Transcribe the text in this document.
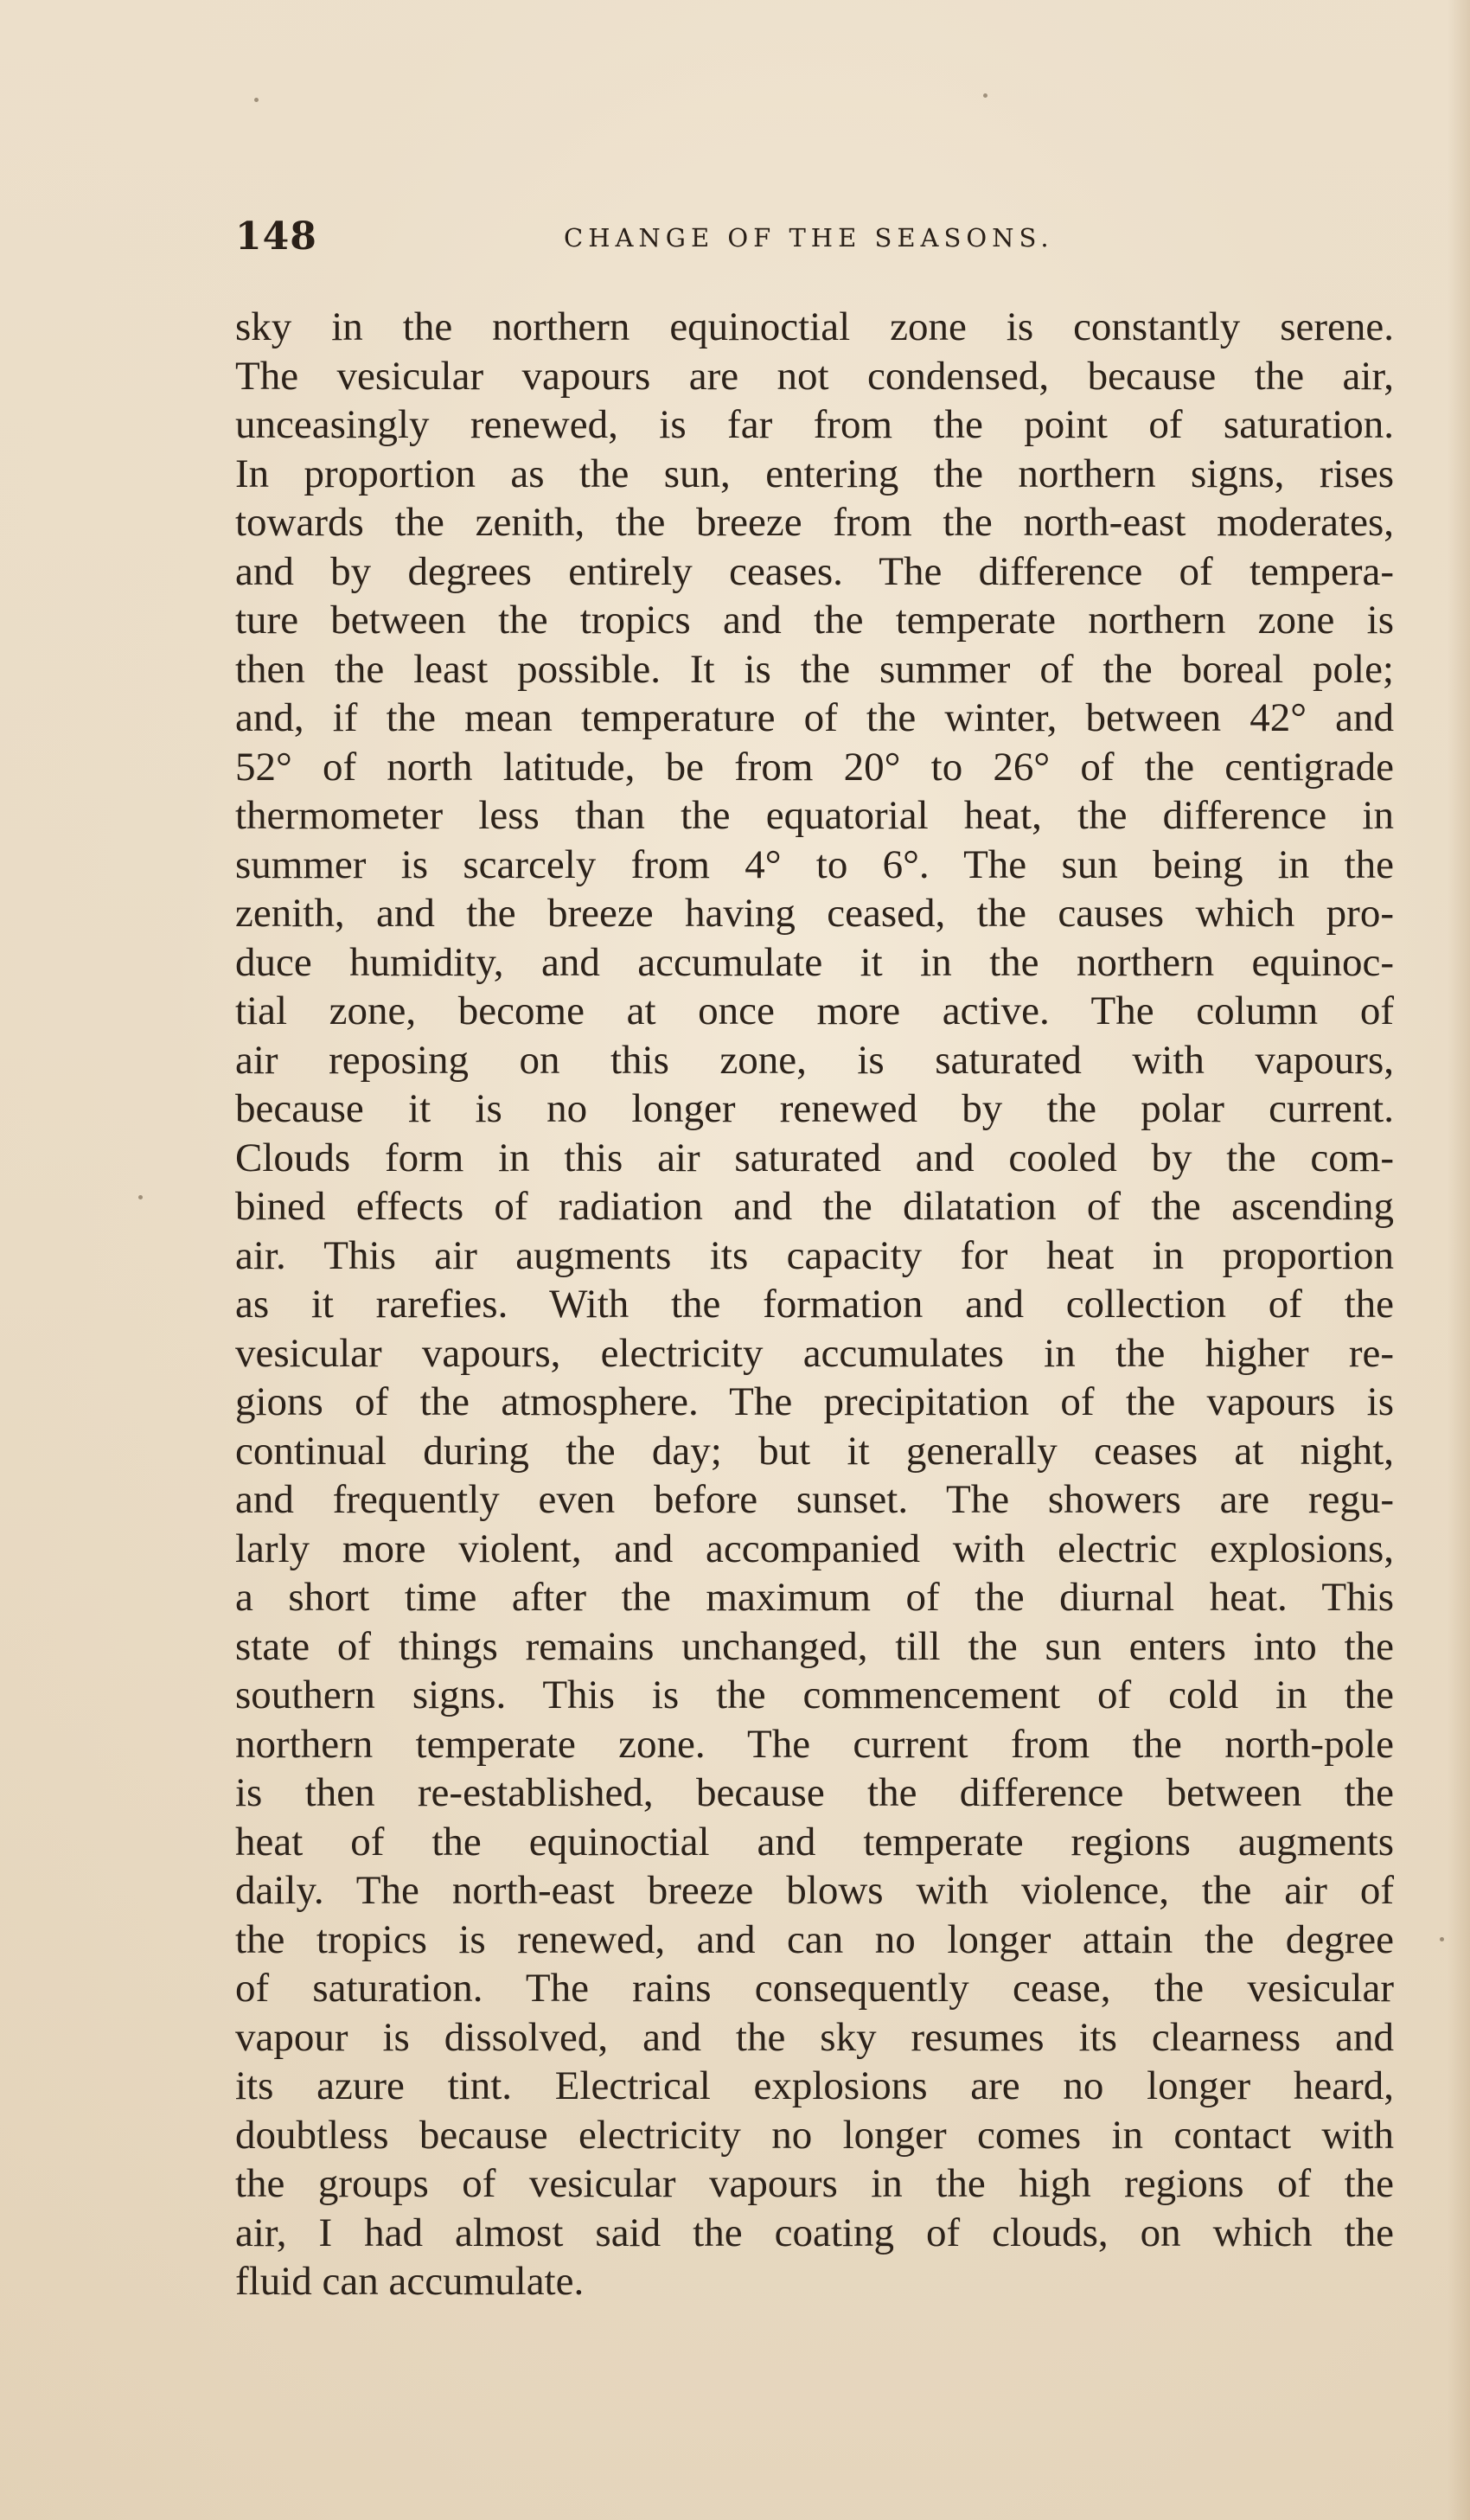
148	CHANGE OF THE SEASONS.
sky in the northern equinoctial zone is constantly serene.
The vesicular vapours are not condensed, because the air,
unceasingly renewed, is far from the point of saturation.
In proportion as the sun, entering the northern signs, rises
towards the zenith, the breeze from the north-east moderates,
and by degrees entirely ceases. The difference of tempera-
ture between the tropics and the temperate northern zone is
then the least possible. It is the summer of the boreal pole;
and, if the mean temperature of the winter, between 42° and
52° of north latitude, be from 20° to 26° of the centigrade
thermometer less than the equatorial heat, the difference in
summer is scarcely from 4° to 6°. The sun being in the
zenith, and the breeze having ceased, the causes which pro-
duce humidity, and accumulate it in the northern equinoc-
tial zone, become at once more active. The column of
air reposing on this zone, is saturated with vapours,
because it is no longer renewed by the polar current.
Clouds form in this air saturated and cooled by the com-
bined effects of radiation and the dilatation of the ascending
air. This air augments its capacity for heat in proportion
as it rarefies. With the formation and collection of the
vesicular vapours, electricity accumulates in the higher re-
gions of the atmosphere. The precipitation of the vapours is
continual during the day; but it generally ceases at night,
and frequently even before sunset. The showers are regu-
larly more violent, and accompanied with electric explosions,
a short time after the maximum of the diurnal heat. This
state of things remains unchanged, till the sun enters into the
southern signs. This is the commencement of cold in the
northern temperate zone. The current from the north-pole
is then re-established, because the difference between the
heat of the equinoctial and temperate regions augments
daily. The north-east breeze blows with violence, the air of
the tropics is renewed, and can no longer attain the degree
of saturation. The rains consequently cease, the vesicular
vapour is dissolved, and the sky resumes its clearness and
its azure tint. Electrical explosions are no longer heard,
doubtless because electricity no longer comes in contact with
the groups of vesicular vapours in the high regions of the
air, I had almost said the coating of clouds, on which the
fluid can accumulate.
